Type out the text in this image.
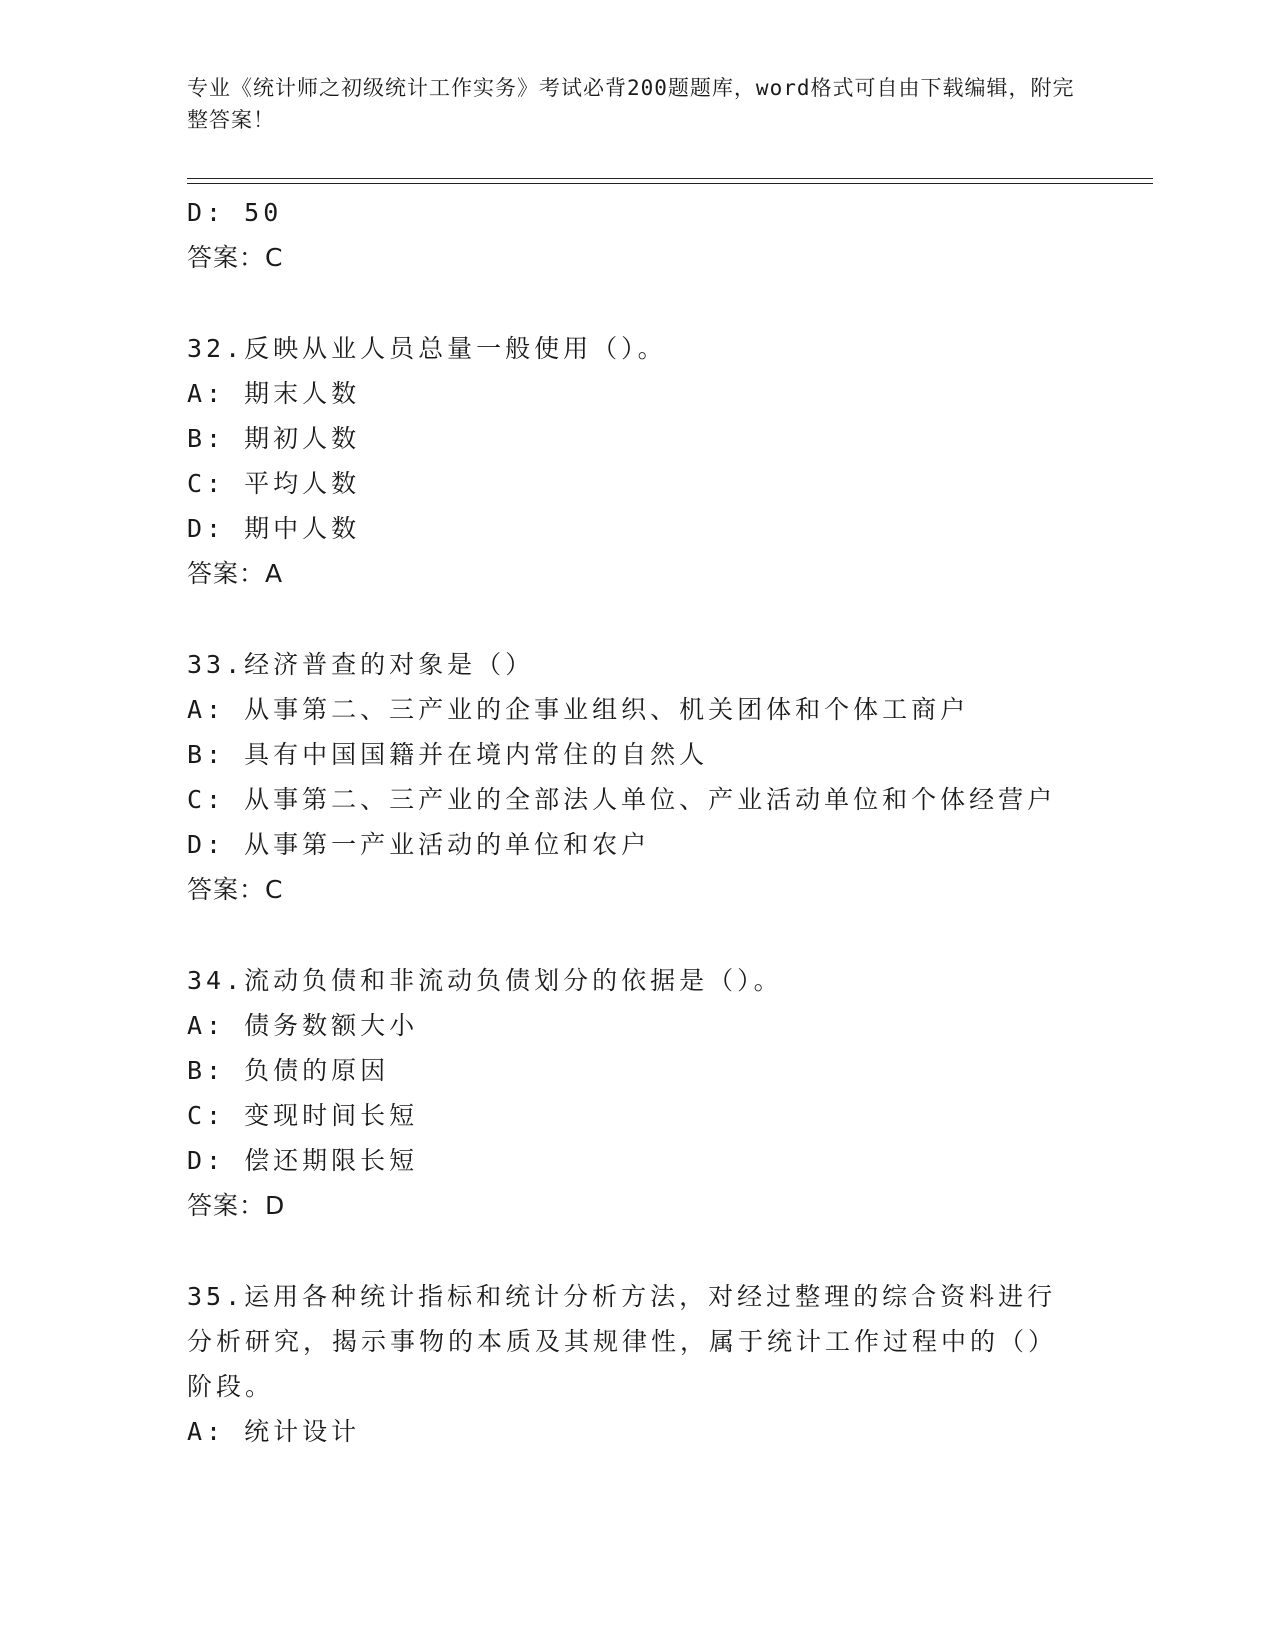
专业《统计师之初级统计工作实务》考试必背200题题库，word格式可自由下载编辑，附完整答案！
D: 50
答案：C
32.反映从业人员总量一般使用（）。
A: 期末人数
B: 期初人数
C: 平均人数
D: 期中人数
答案：A
33.经济普查的对象是（）
A: 从事第二、三产业的企事业组织、机关团体和个体工商户
B: 具有中国国籍并在境内常住的自然人
C: 从事第二、三产业的全部法人单位、产业活动单位和个体经营户
D: 从事第一产业活动的单位和农户
答案：C
34.流动负债和非流动负债划分的依据是（）。
A: 债务数额大小
B: 负债的原因
C: 变现时间长短
D: 偿还期限长短
答案：D
35.运用各种统计指标和统计分析方法，对经过整理的综合资料进行分析研究，揭示事物的本质及其规律性，属于统计工作过程中的（）阶段。
A: 统计设计
